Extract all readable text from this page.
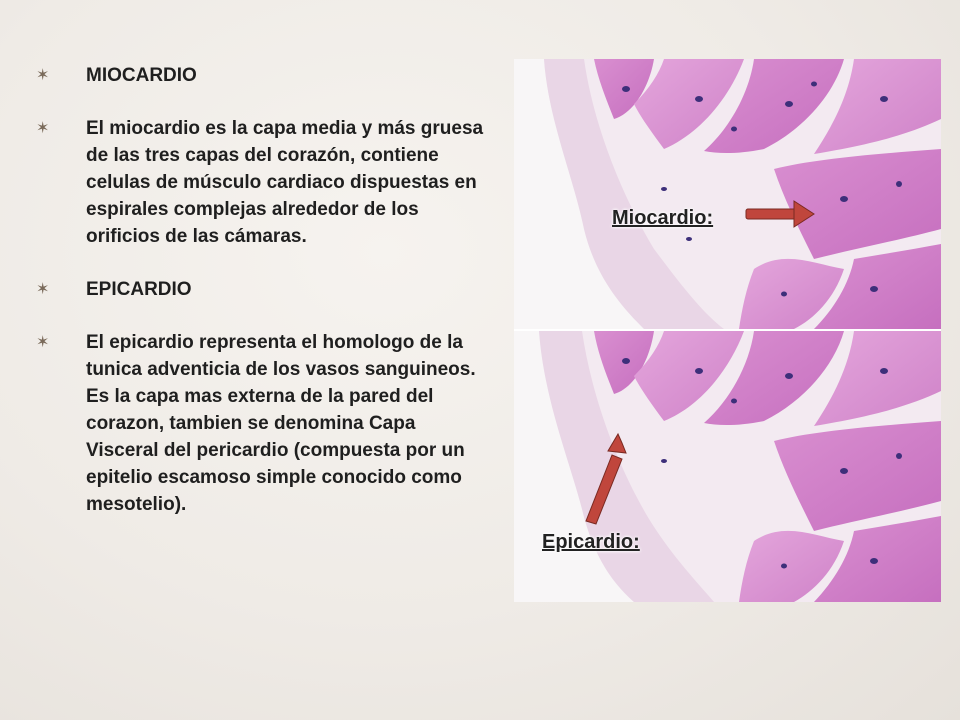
✶ MIOCARDIO
✶ El miocardio es la capa media y más gruesa de las tres capas del corazón, contiene celulas de músculo cardiaco dispuestas en espirales complejas alrededor de los orificios de las cámaras.
✶ EPICARDIO
✶ El epicardio representa el homologo de la tunica adventicia de los vasos sanguineos. Es la capa mas externa de la pared del corazon, tambien se denomina Capa Visceral del pericardio (compuesta por un epitelio escamoso simple conocido como mesotelio).
Miocardio:
Epicardio:
